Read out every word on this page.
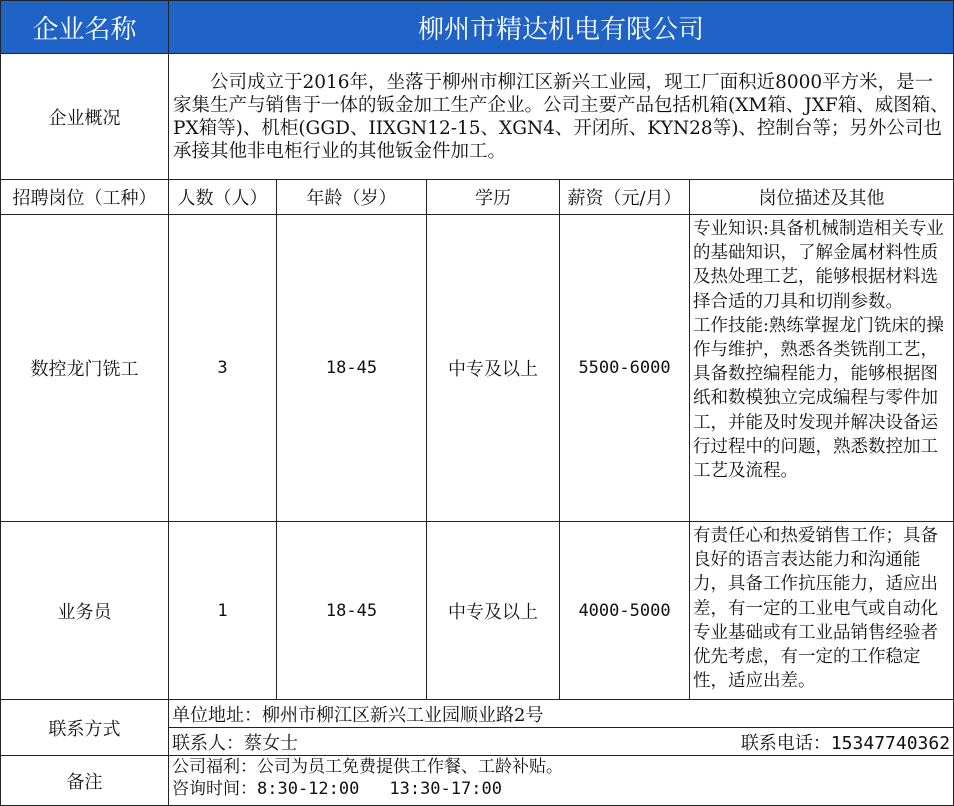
企业名称	柳州市精达机电有限公司				
企业概况	公司成立于2016年，坐落于柳州市柳江区新兴工业园，现工厂面积近8000平方米，是一家集生产与销售于一体的钣金加工生产企业。公司主要产品包括机箱(XM箱、JXF箱、威图箱、PX箱等)、机柜(GGD、IIXGN12-15、XGN4、开闭所、KYN28等)、控制台等；另外公司也承接其他非电柜行业的其他钣金件加工。				
招聘岗位（工种）	人数（人）	年龄（岁）	学历	薪资（元/月）	岗位描述及其他
数控龙门铣工	3	18-45	中专及以上	5500-6000	专业知识:具备机械制造相关专业的基础知识，了解金属材料性质及热处理工艺，能够根据材料选择合适的刀具和切削参数。
工作技能:熟练掌握龙门铣床的操作与维护，熟悉各类铣削工艺，具备数控编程能力，能够根据图纸和数模独立完成编程与零件加工，并能及时发现并解决设备运行过程中的问题，熟悉数控加工工艺及流程。

业务员	1	18-45	中专及以上	4000-5000	有责任心和热爱销售工作；具备良好的语言表达能力和沟通能力，具备工作抗压能力，适应出差，有一定的工业电气或自动化专业基础或有工业品销售经验者优先考虑，有一定的工作稳定性，适应出差。

联系方式	单位地址：柳州市柳江区新兴工业园顺业路2号				

	联系人：蔡女士 联系电话：15347740362				

备注	公司福利：公司为员工免费提供工作餐、工龄补贴。
咨询时间：8:30-12:00 13:30-17:00				
